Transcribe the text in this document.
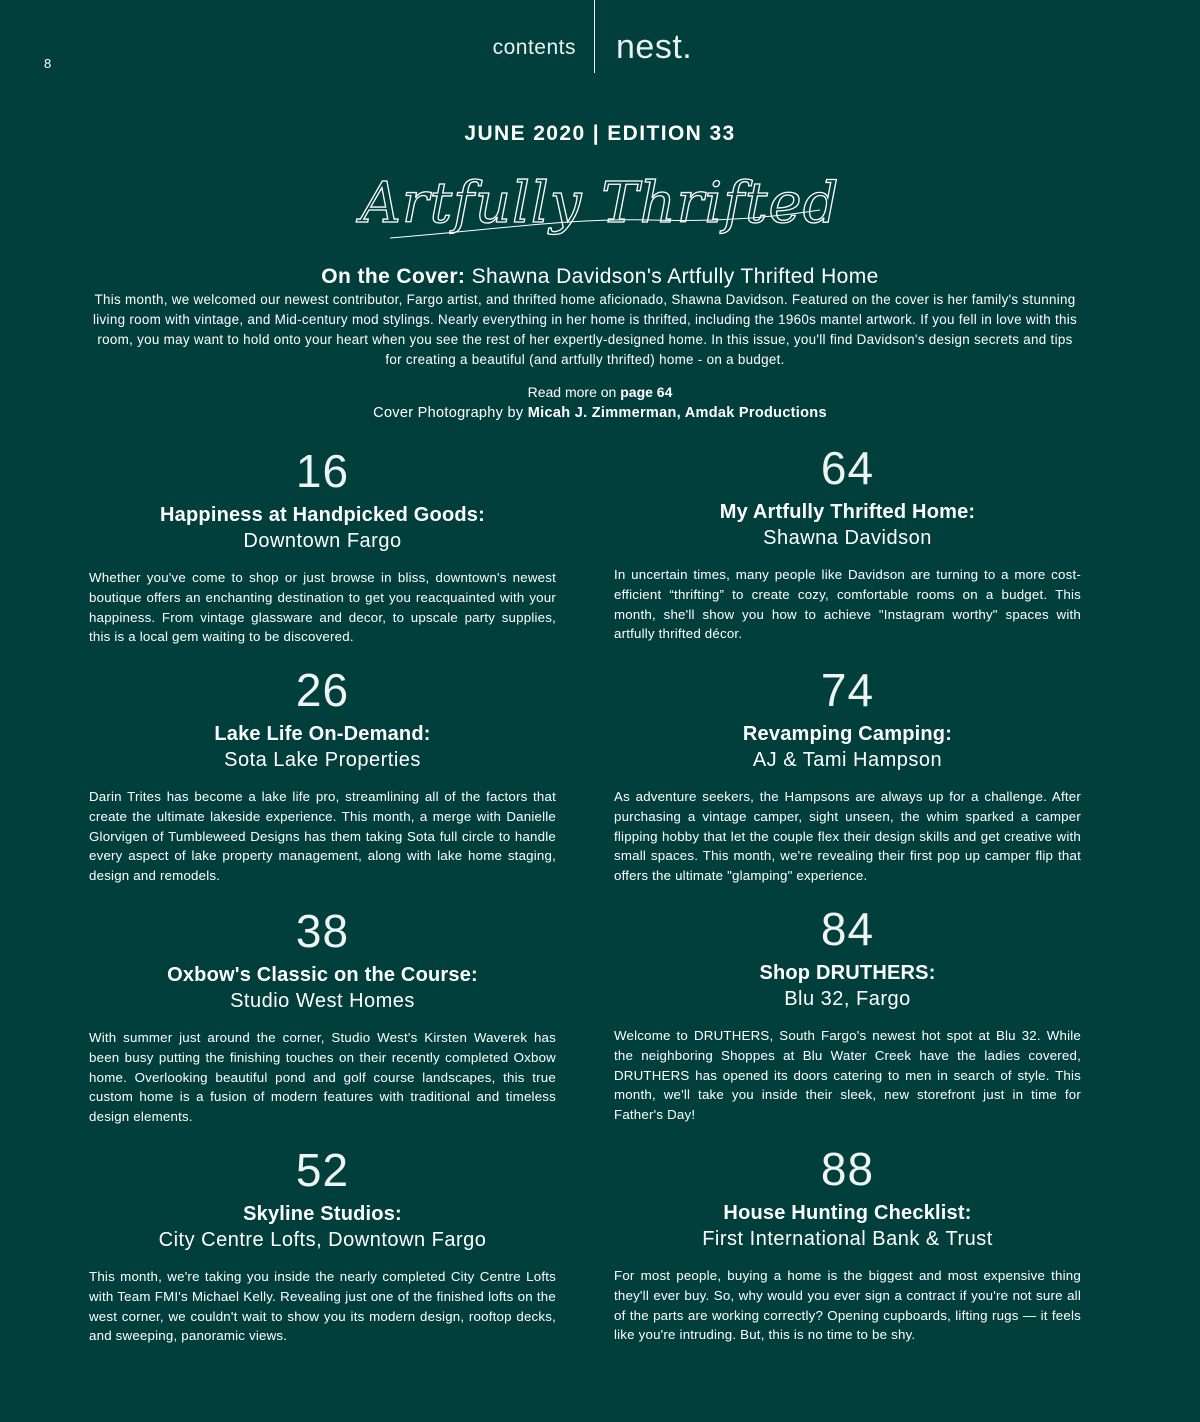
8
contents nest.
JUNE 2020 | EDITION 33
Artfully Thrifted
On the Cover: Shawna Davidson's Artfully Thrifted Home
This month, we welcomed our newest contributor, Fargo artist, and thrifted home aficionado, Shawna Davidson. Featured on the cover is her family's stunning living room with vintage, and Mid-century mod stylings. Nearly everything in her home is thrifted, including the 1960s mantel artwork. If you fell in love with this room, you may want to hold onto your heart when you see the rest of her expertly-designed home. In this issue, you'll find Davidson's design secrets and tips for creating a beautiful (and artfully thrifted) home - on a budget.
Read more on page 64
Cover Photography by Micah J. Zimmerman, Amdak Productions
16
Happiness at Handpicked Goods:
Downtown Fargo
Whether you've come to shop or just browse in bliss, downtown's newest boutique offers an enchanting destination to get you reacquainted with your happiness. From vintage glassware and decor, to upscale party supplies, this is a local gem waiting to be discovered.
64
My Artfully Thrifted Home:
Shawna Davidson
In uncertain times, many people like Davidson are turning to a more cost-efficient “thrifting” to create cozy, comfortable rooms on a budget. This month, she'll show you how to achieve "Instagram worthy" spaces with artfully thrifted décor.
26
Lake Life On-Demand:
Sota Lake Properties
Darin Trites has become a lake life pro, streamlining all of the factors that create the ultimate lakeside experience. This month, a merge with Danielle Glorvigen of Tumbleweed Designs has them taking Sota full circle to handle every aspect of lake property management, along with lake home staging, design and remodels.
74
Revamping Camping:
AJ & Tami Hampson
As adventure seekers, the Hampsons are always up for a challenge. After purchasing a vintage camper, sight unseen, the whim sparked a camper flipping hobby that let the couple flex their design skills and get creative with small spaces. This month, we're revealing their first pop up camper flip that offers the ultimate "glamping" experience.
38
Oxbow's Classic on the Course:
Studio West Homes
With summer just around the corner, Studio West's Kirsten Waverek has been busy putting the finishing touches on their recently completed Oxbow home. Overlooking beautiful pond and golf course landscapes, this true custom home is a fusion of modern features with traditional and timeless design elements.
84
Shop DRUTHERS:
Blu 32, Fargo
Welcome to DRUTHERS, South Fargo's newest hot spot at Blu 32. While the neighboring Shoppes at Blu Water Creek have the ladies covered, DRUTHERS has opened its doors catering to men in search of style. This month, we'll take you inside their sleek, new storefront just in time for Father's Day!
52
Skyline Studios:
City Centre Lofts, Downtown Fargo
This month, we're taking you inside the nearly completed City Centre Lofts with Team FMI's Michael Kelly. Revealing just one of the finished lofts on the west corner, we couldn't wait to show you its modern design, rooftop decks, and sweeping, panoramic views.
88
House Hunting Checklist:
First International Bank & Trust
For most people, buying a home is the biggest and most expensive thing they'll ever buy. So, why would you ever sign a contract if you're not sure all of the parts are working correctly? Opening cupboards, lifting rugs — it feels like you're intruding. But, this is no time to be shy.
